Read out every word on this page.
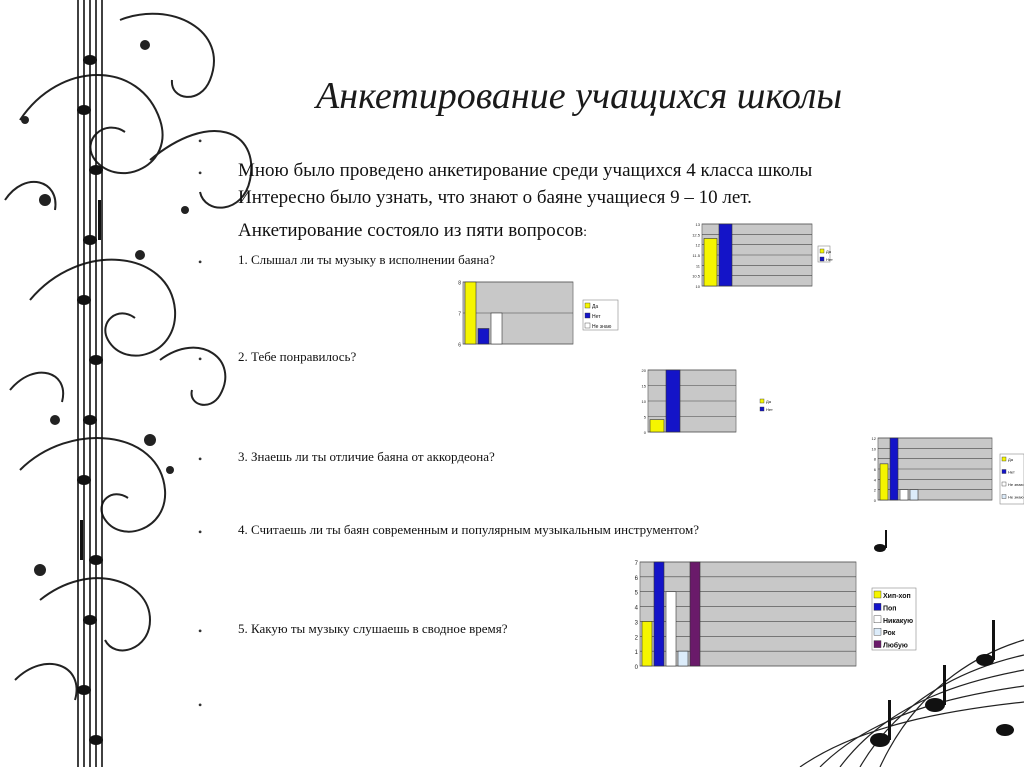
Анкетирование учащихся школы
•
•
•
•
•
•
•
•
Мною было проведено анкетирование среди учащихся 4 класса школы
Интересно было узнать, что знают о баяне учащиеся 9 – 10 лет.
Анкетирование состояло из пяти вопросов:
1. Слышал ли ты музыку в исполнении баяна?
2. Тебе понравилось?
3. Знаешь ли ты отличие баяна от аккордеона?
4. Считаешь ли ты баян современным и популярным музыкальным инструментом?
5. Какую ты музыку слушаешь в сводное время?
13
12.5
12
11.5
11
10.5
10
Да
Нет
8
7
6
Да
Нет
Не знаю
20
15
10
5
0
Да
Нет
12
10
8
6
4
2
0
Да
Нет
Не знаю
Не знаю
7
6
5
4
3
2
1
0
Хип-хоп
Поп
Никакую
Рок
Любую
